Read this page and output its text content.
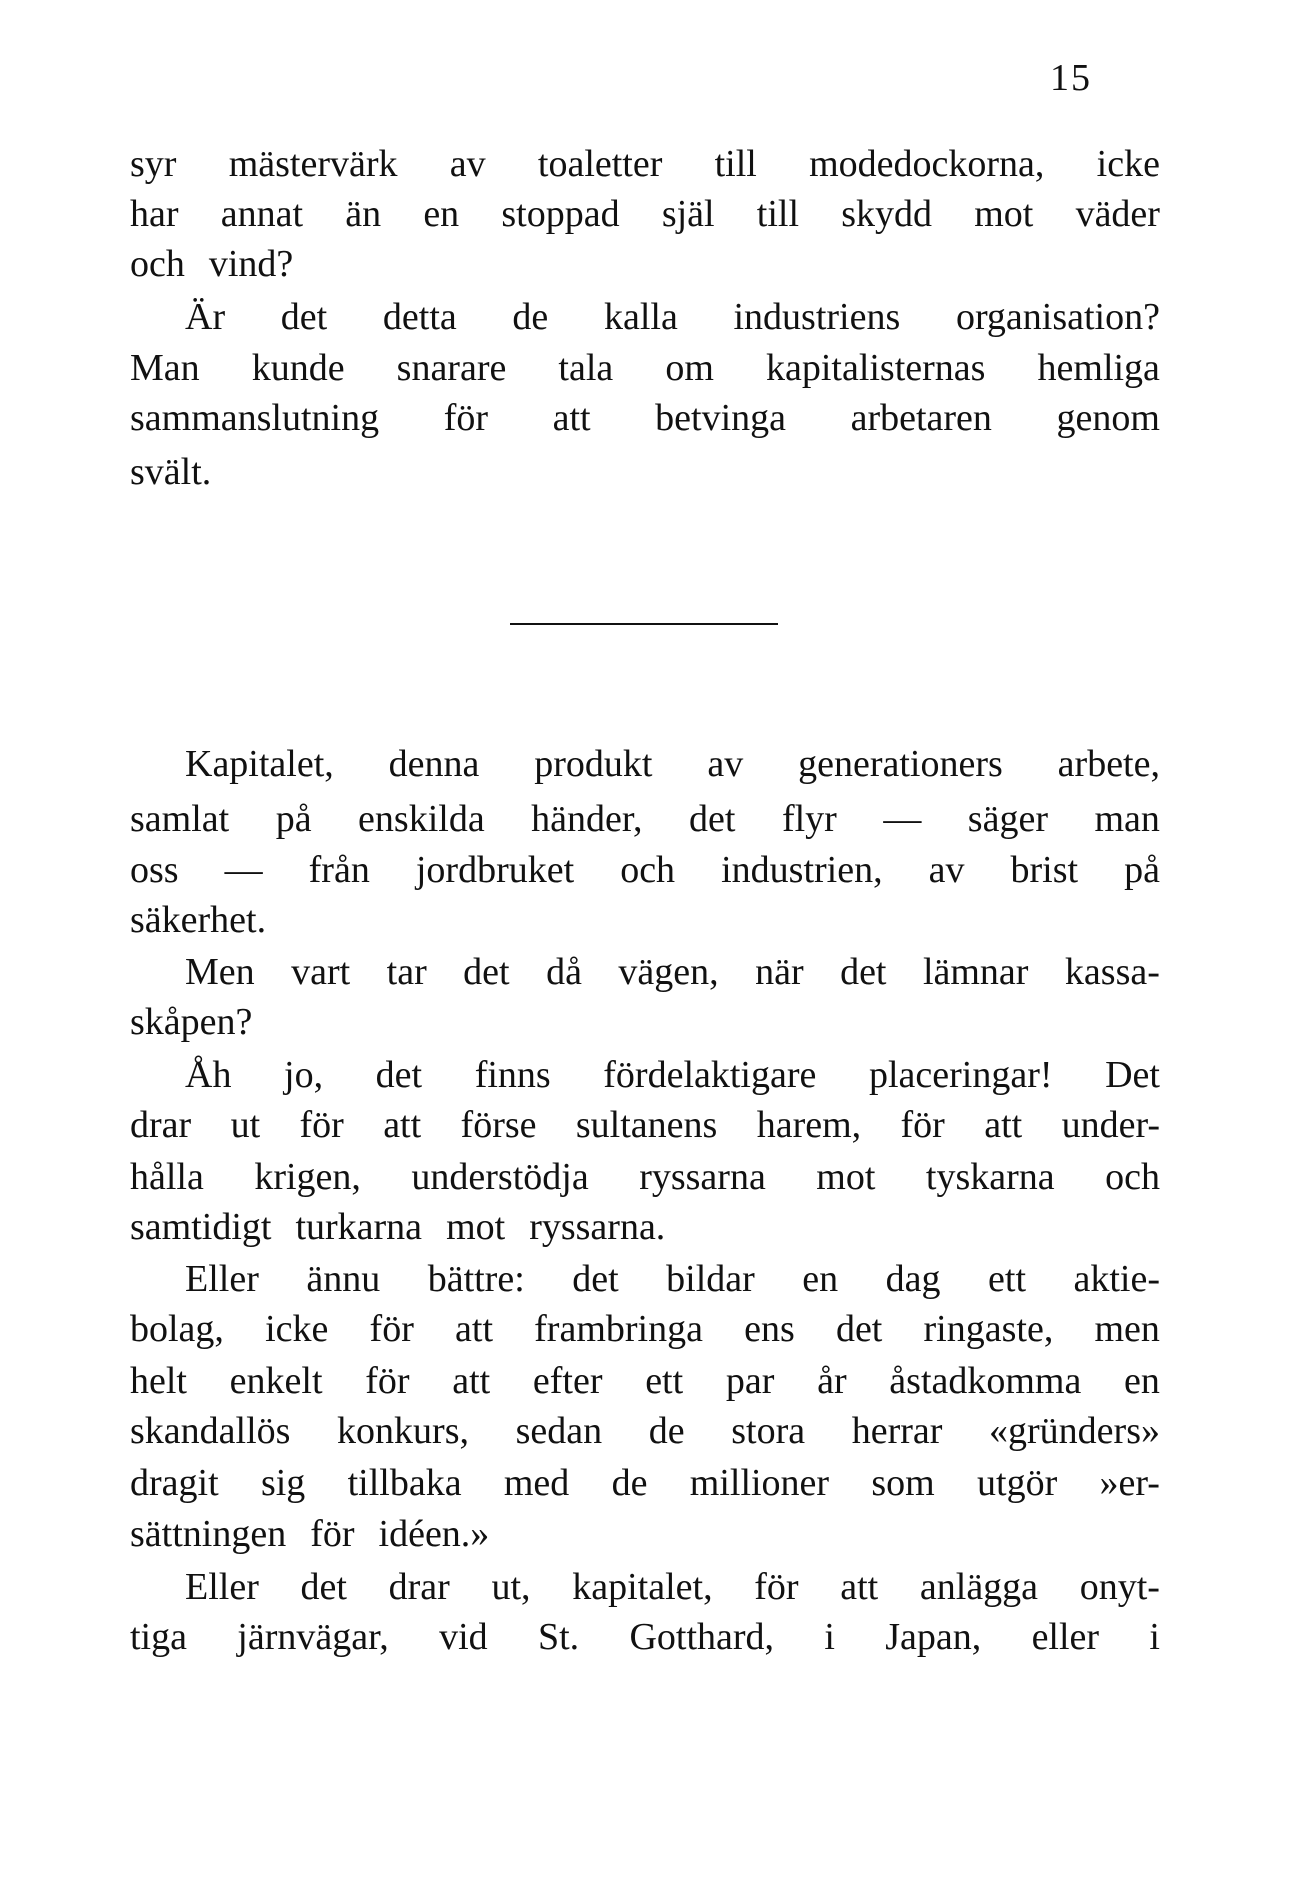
15
syr mästervärk av toaletter till modedockorna, icke
har annat än en stoppad själ till skydd mot väder
och vind?
Är det detta de kalla industriens organisation?
Man kunde snarare tala om kapitalisternas hemliga
sammanslutning för att betvinga arbetaren genom
svält.
Kapitalet, denna produkt av generationers arbete,
samlat på enskilda händer, det flyr — säger man
oss — från jordbruket och industrien, av brist på
säkerhet.
Men vart tar det då vägen, när det lämnar kassa-
skåpen?
Åh jo, det finns fördelaktigare placeringar! Det
drar ut för att förse sultanens harem, för att under-
hålla krigen, understödja ryssarna mot tyskarna och
samtidigt turkarna mot ryssarna.
Eller ännu bättre: det bildar en dag ett aktie-
bolag, icke för att frambringa ens det ringaste, men
helt enkelt för att efter ett par år åstadkomma en
skandallös konkurs, sedan de stora herrar «gründers»
dragit sig tillbaka med de millioner som utgör »er-
sättningen för idéen.»
Eller det drar ut, kapitalet, för att anlägga onyt-
tiga järnvägar, vid St. Gotthard, i Japan, eller i
